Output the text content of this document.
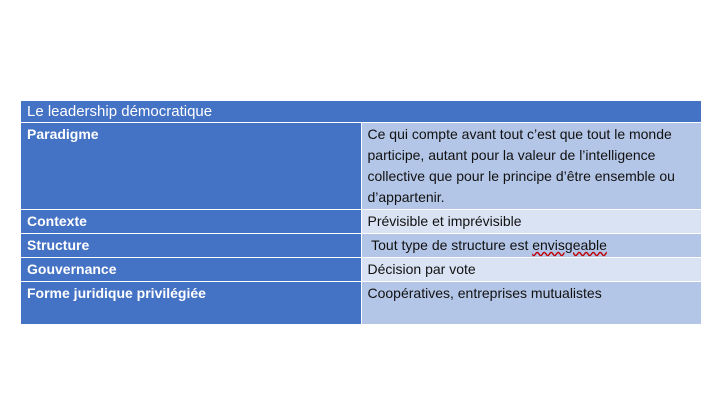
Le leadership démocratique	
Paradigme	Ce qui compte avant tout c’est que tout le monde participe, autant pour la valeur de l’intelligence collective que pour le principe d’être ensemble ou d’appartenir.
Contexte	Prévisible et imprévisible
Structure	Tout type de structure est envisgeable
Gouvernance	Décision par vote
Forme juridique privilégiée	Coopératives, entreprises mutualistes
